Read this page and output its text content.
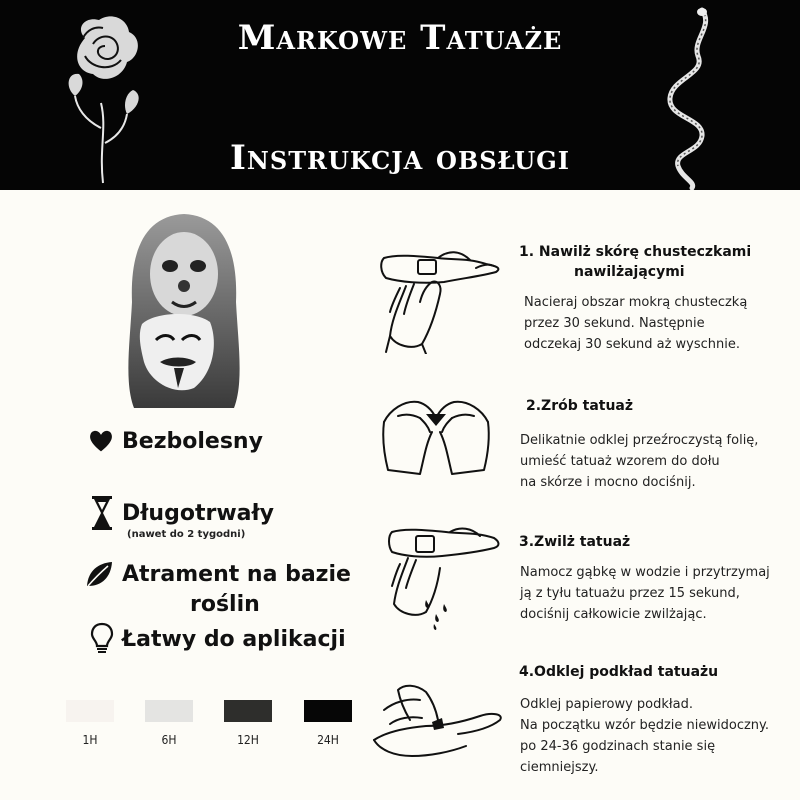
Markowe Tatuaże
Instrukcja obsługi
Bezbolesny
Długotrwały
(nawet do 2 tygodni)
Atrament na bazie
roślin
Łatwy do aplikacji
1H	6H	12H	24H
1. Nawilż skórę chusteczkami
nawilżającymi
Nacieraj obszar mokrą chusteczką
przez 30 sekund. Następnie
odczekaj 30 sekund aż wyschnie.
2.Zrób tatuaż
Delikatnie odklej przeźroczystą folię,
umieść tatuaż wzorem do dołu
na skórze i mocno dociśnij.
3.Zwilż tatuaż
Namocz gąbkę w wodzie i przytrzymaj
ją z tyłu tatuażu przez 15 sekund,
dociśnij całkowicie zwilżając.
4.Odklej podkład tatuażu
Odklej papierowy podkład.
Na początku wzór będzie niewidoczny.
po 24-36 godzinach stanie się
ciemniejszy.
